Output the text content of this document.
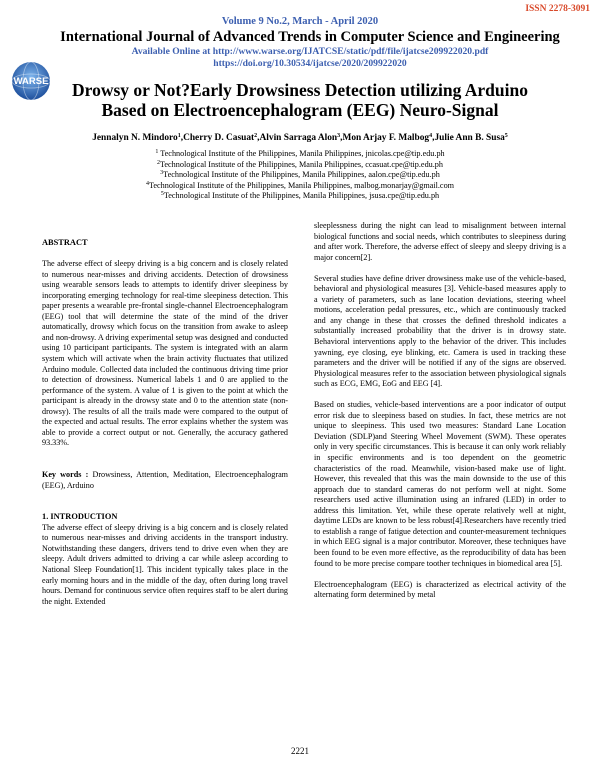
ISSN 2278-3091
Volume 9 No.2, March - April 2020
International Journal of Advanced Trends in Computer Science and Engineering
Available Online at http://www.warse.org/IJATCSE/static/pdf/file/ijatcse209922020.pdf
https://doi.org/10.30534/ijatcse/2020/209922020
WARSE	Drowsy or Not?Early Drowsiness Detection utilizing Arduino
Based on Electroencephalogram (EEG) Neuro-Signal
Jennalyn N. Mindoro$^1$,Cherry D. Casuat$^2$,Alvin Sarraga Alon$^3$,Mon Arjay F. Malbog$^4$,Julie Ann B. Susa$^5$
$^1$ Technological Institute of the Philippines, Manila Philippines, jnicolas.cpe@tip.edu.ph
$^2$Technological Institute of the Philippines, Manila Philippines, ccasuat.cpe@tip.edu.ph
$^3$Technological Institute of the Philippines, Manila Philippines, aalon.cpe@tip.edu.ph
$^4$Technological Institute of the Philippines, Manila Philippines, malbog.monarjay@gmail.com
$^5$Technological Institute of the Philippines, Manila Philippines, jsusa.cpe@tip.edu.ph

ABSTRACT

The adverse effect of sleepy driving is a big concern and is closely related to numerous near-misses and driving accidents. Detection of drowsiness using wearable sensors leads to attempts to identify driver sleepiness by incorporating emerging technology for real-time sleepiness detection. This paper presents a wearable pre-frontal single-channel Electroencephalogram (EEG) tool that will determine the state of the mind of the driver automatically, drowsy which focus on the transition from awake to asleep and non-drowsy. A driving experimental setup was designed and conducted using 10 participant participants. The system is integrated with an alarm system which will activate when the brain activity fluctuates that utilized Arduino module. Collected data included the continuous driving time prior to detection of drowsiness. Numerical labels 1 and 0 are applied to the performance of the system. A value of 1 is given to the point at which the participant is already in the drowsy state and 0 to the attention state (non-drowsy). The results of all the trails made were compared to the output of the expected and actual results. The error explains whether the system was able to provide a correct output or not. Generally, the accuracy gathered 93.33%.

Key words : Drowsiness, Attention, Meditation, Electroencephalogram (EEG), Arduino

1. INTRODUCTION

The adverse effect of sleepy driving is a big concern and is closely related to numerous near-misses and driving accidents in the transport industry. Notwithstanding these dangers, drivers tend to drive even when they are sleepy. Adult drivers admitted to driving a car while asleep according to National Sleep Foundation[1]. This incident typically takes place in the early morning hours and in the middle of the day, often during long travel hours. Demand for continuous service often requires staff to be alert during the night. Extended

sleeplessness during the night can lead to misalignment between internal biological functions and social needs, which contributes to sleepiness during and after work. Therefore, the adverse effect of sleepy and sleepy driving is a major concern[2].

Several studies have define driver drowsiness make use of the vehicle-based, behavioral and physiological measures [3]. Vehicle-based measures apply to a variety of parameters, such as lane location deviations, steering wheel motions, acceleration pedal pressures, etc., which are continuously tracked and any change in these that crosses the defined threshold indicates a substantially increased probability that the driver is in drowsy state. Behavioral interventions apply to the behavior of the driver. This includes yawning, eye closing, eye blinking, etc. Camera is used in tracking these parameters and the driver will be notified if any of the signs are observed. Physiological measures refer to the association between physiological signals such as ECG, EMG, EoG and EEG [4].

Based on studies, vehicle-based interventions are a poor indicator of output error risk due to sleepiness based on studies. In fact, these metrics are not unique to sleepiness. This used two measures: Standard Lane Location Deviation (SDLP)and Steering Wheel Movement (SWM). These operates only in very specific circumstances. This is because it can only work reliably in specific environments and is too dependent on the geometric characteristics of the road. Meanwhile, vision-based make use of light. However, this revealed that this was the main downside to the use of this approach due to standard cameras do not perform well at night. Some researchers used active illumination using an infrared (LED) in order to address this limitation. Yet, while these operate relatively well at night, daytime LEDs are known to be less robust[4].Researchers have recently tried to establish a range of fatigue detection and counter-measurement techniques in which EEG signal is a major contributor. Moreover, these techniques have been found to be even more effective, as the reproducibility of data has been found to be more precise compare toother techniques in biomedical area [5].

Electroencephalogram (EEG) is characterized as electrical activity of the alternating form determined by metal

2221
